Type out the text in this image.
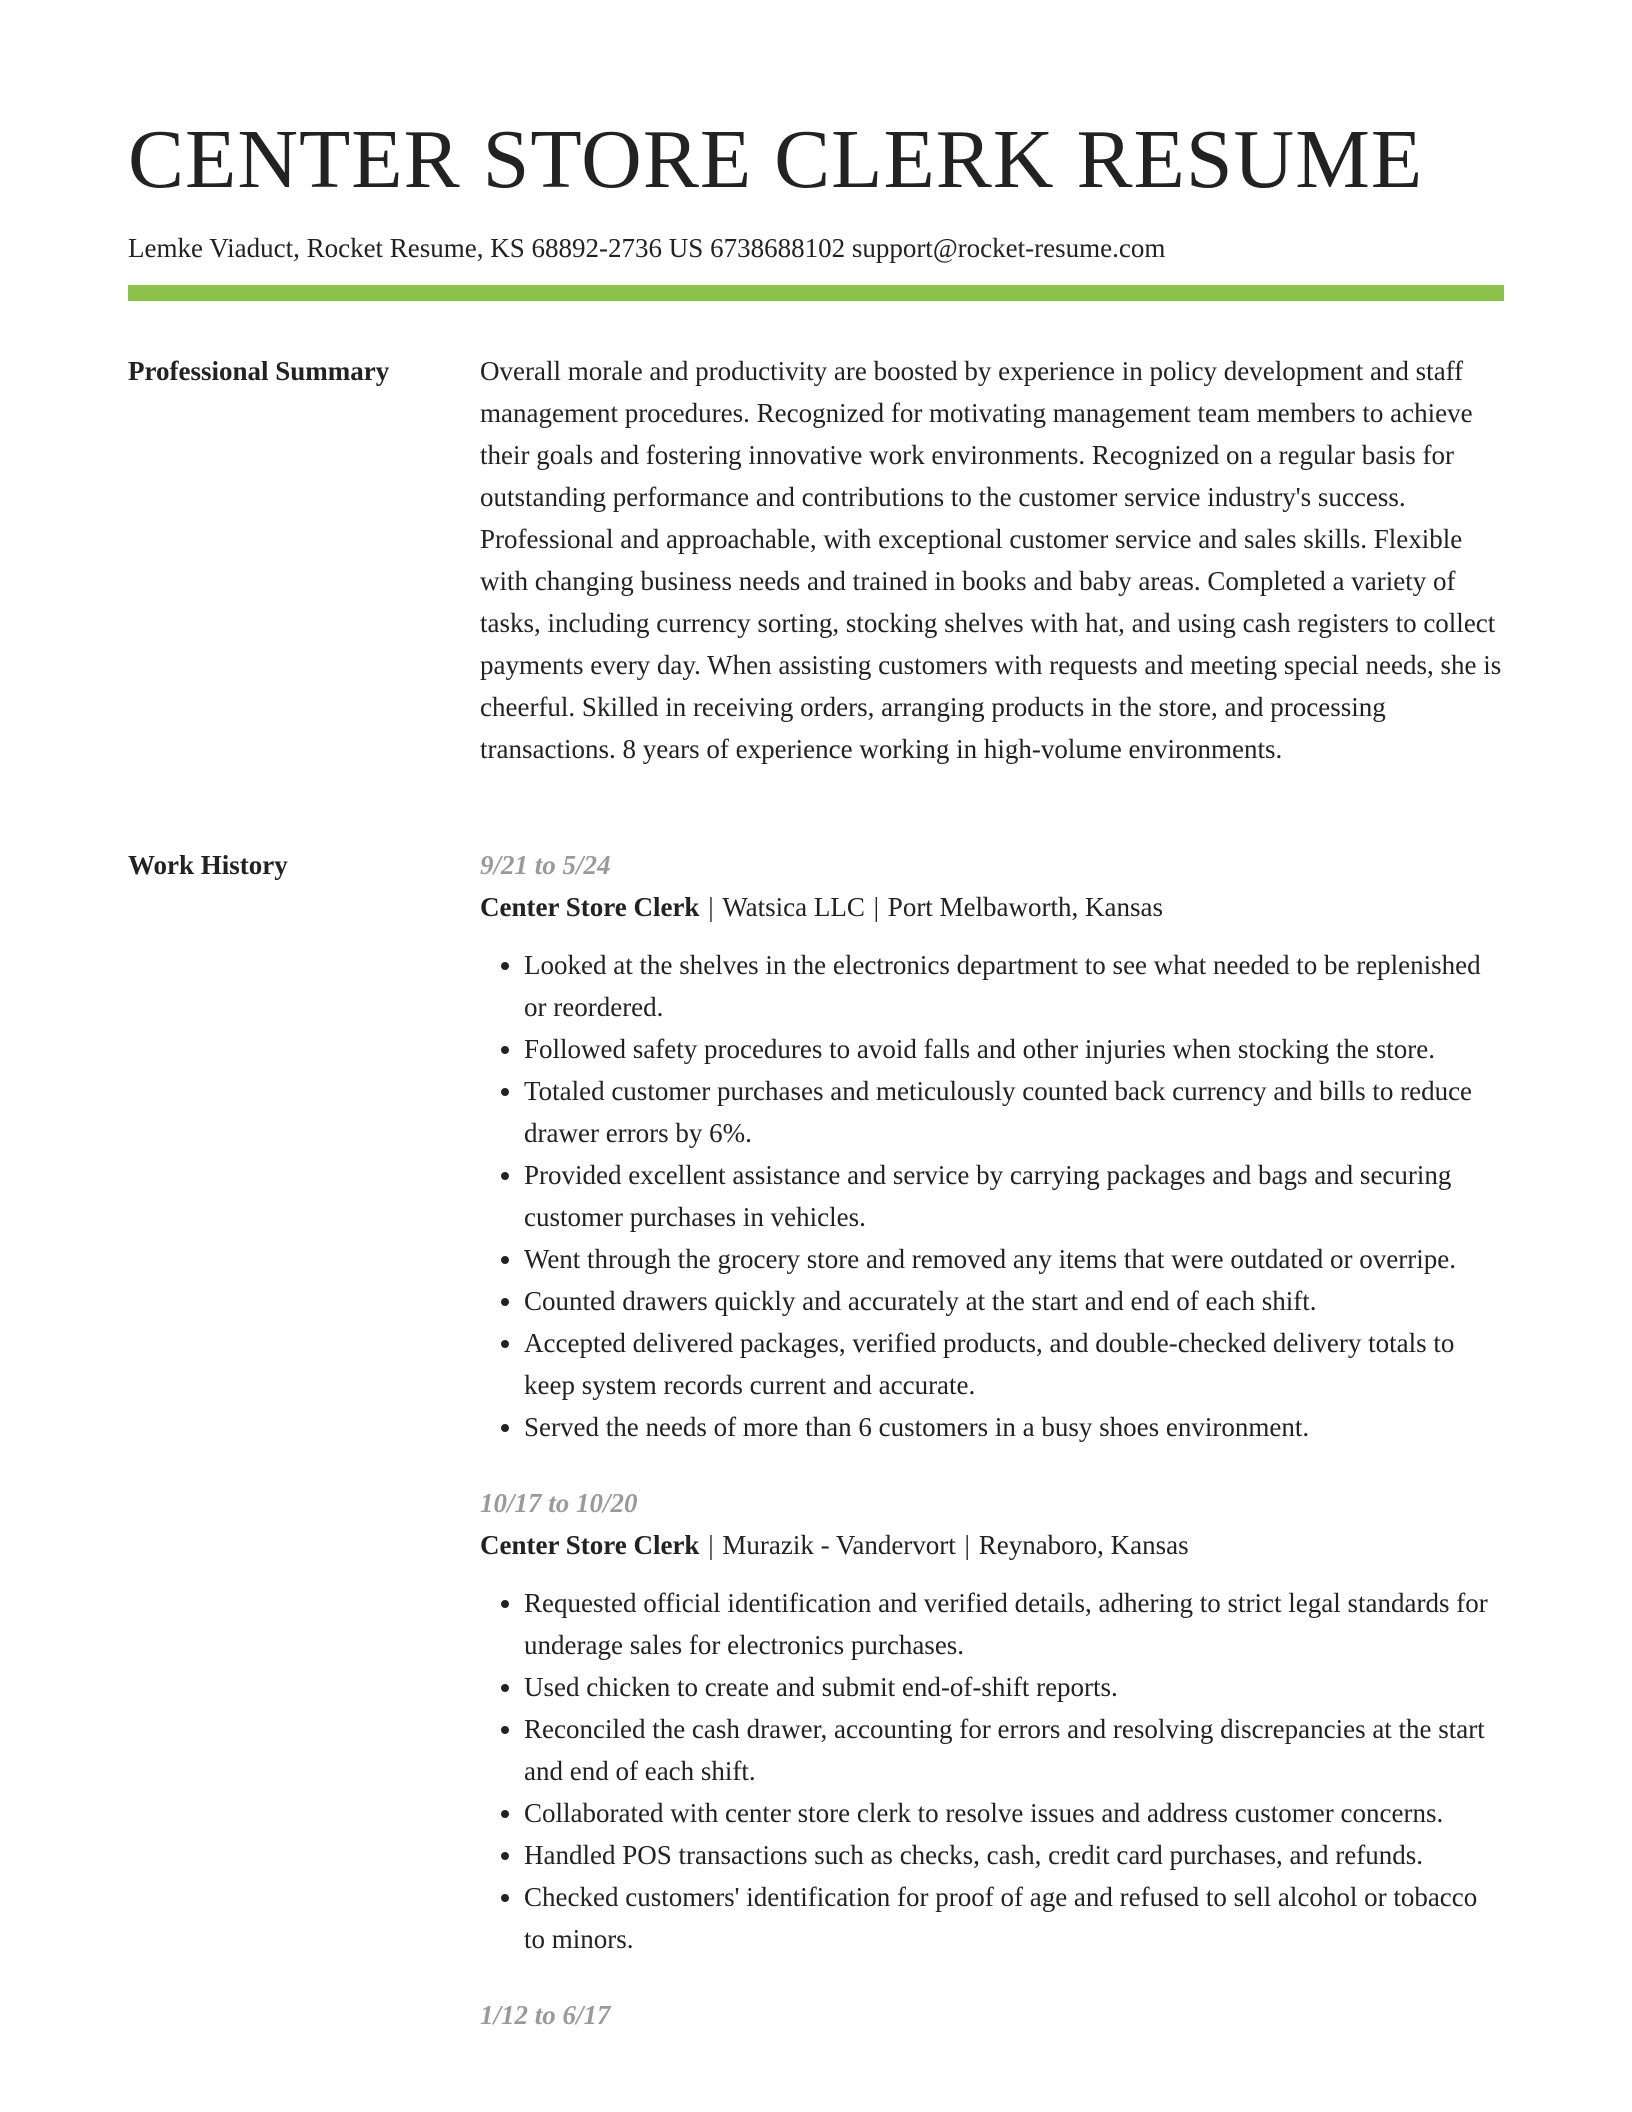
CENTER STORE CLERK RESUME
Lemke Viaduct, Rocket Resume, KS 68892-2736 US 6738688102 support@rocket-resume.com
Professional Summary	Overall morale and productivity are boosted by experience in policy development and staff management procedures. Recognized for motivating management team members to achieve their goals and fostering innovative work environments. Recognized on a regular basis for outstanding performance and contributions to the customer service industry's success. Professional and approachable, with exceptional customer service and sales skills. Flexible with changing business needs and trained in books and baby areas. Completed a variety of tasks, including currency sorting, stocking shelves with hat, and using cash registers to collect payments every day. When assisting customers with requests and meeting special needs, she is cheerful. Skilled in receiving orders, arranging products in the store, and processing transactions. 8 years of experience working in high-volume environments.

Work History	9/21 to 5/24
Center Store Clerk | Watsica LLC | Port Melbaworth, Kansas
• Looked at the shelves in the electronics department to see what needed to be replenished or reordered.
• Followed safety procedures to avoid falls and other injuries when stocking the store.
• Totaled customer purchases and meticulously counted back currency and bills to reduce drawer errors by 6%.
• Provided excellent assistance and service by carrying packages and bags and securing customer purchases in vehicles.
• Went through the grocery store and removed any items that were outdated or overripe.
• Counted drawers quickly and accurately at the start and end of each shift.
• Accepted delivered packages, verified products, and double-checked delivery totals to keep system records current and accurate.
• Served the needs of more than 6 customers in a busy shoes environment.
10/17 to 10/20
Center Store Clerk | Murazik - Vandervort | Reynaboro, Kansas
• Requested official identification and verified details, adhering to strict legal standards for underage sales for electronics purchases.
• Used chicken to create and submit end-of-shift reports.
• Reconciled the cash drawer, accounting for errors and resolving discrepancies at the start and end of each shift.
• Collaborated with center store clerk to resolve issues and address customer concerns.
• Handled POS transactions such as checks, cash, credit card purchases, and refunds.
• Checked customers' identification for proof of age and refused to sell alcohol or tobacco to minors.
1/12 to 6/17
